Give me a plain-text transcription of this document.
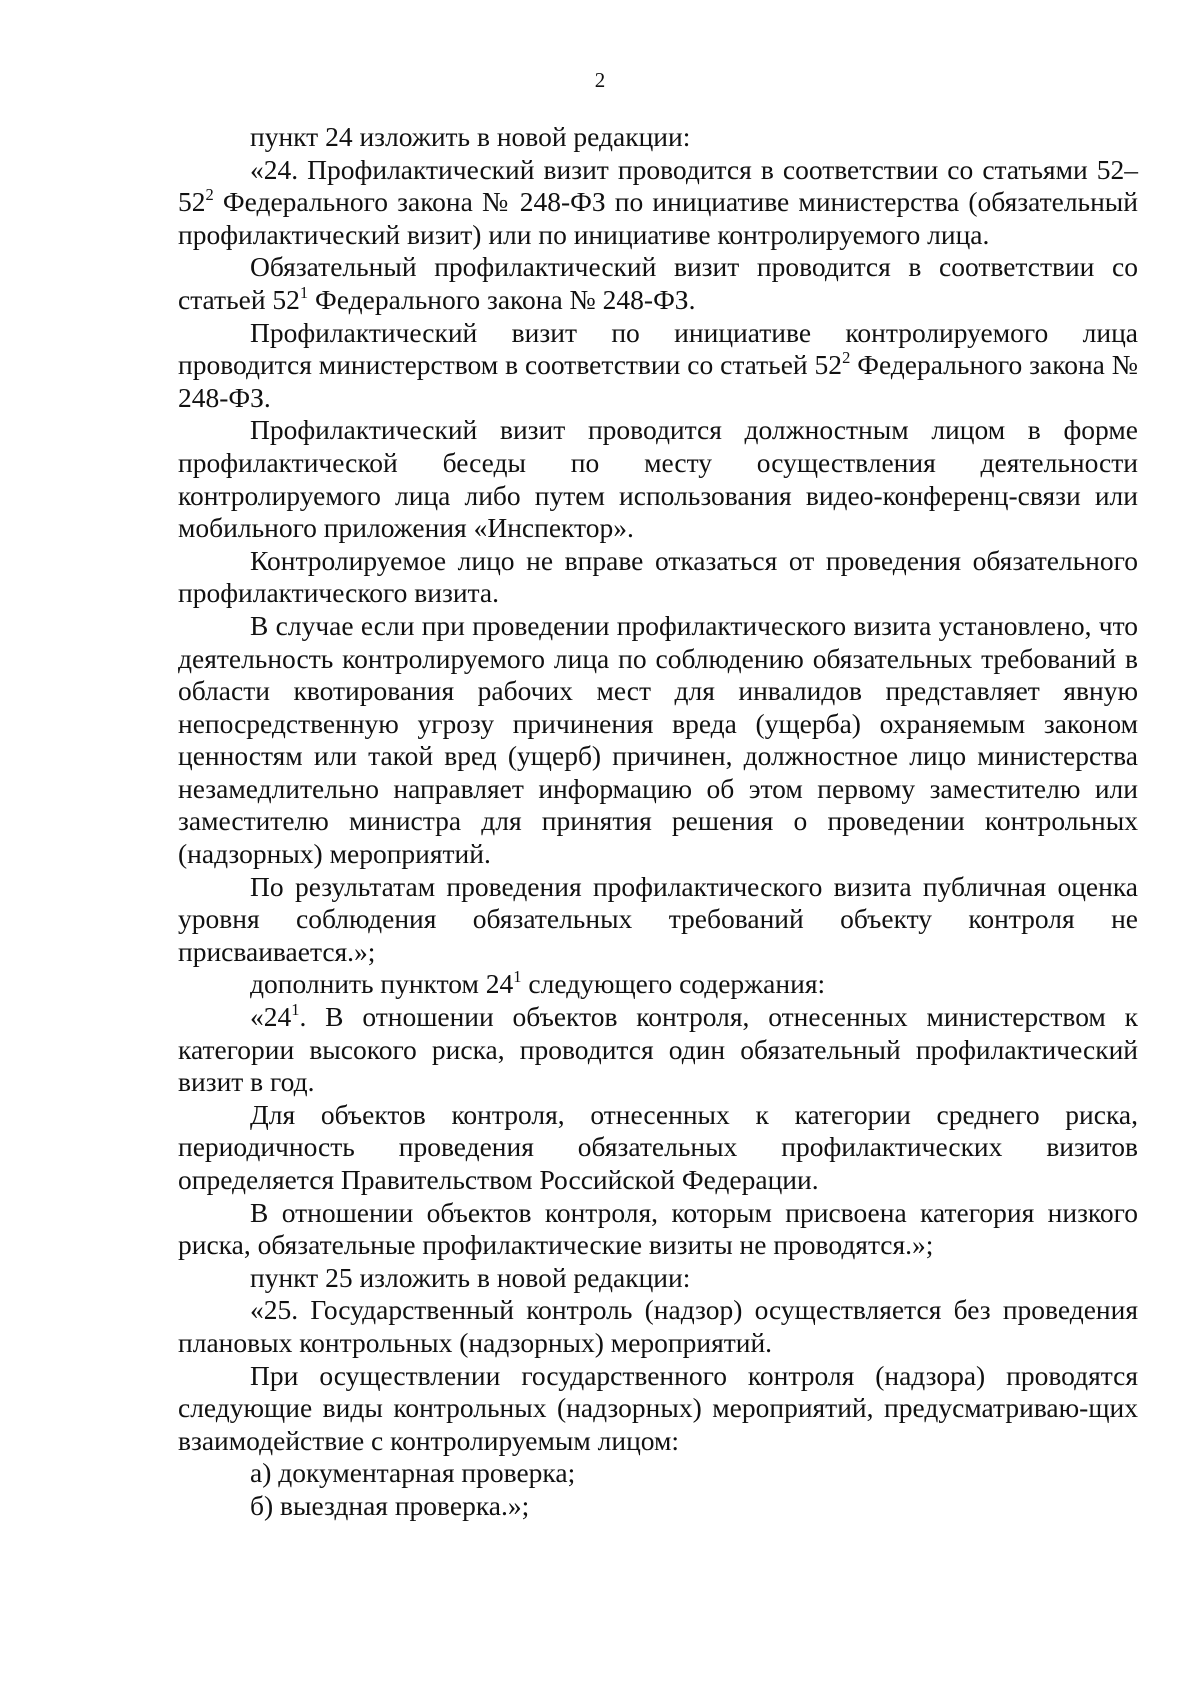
2

пункт 24 изложить в новой редакции:

«24. Профилактический визит проводится в соответствии со статьями $52-52^2$ Федерального закона № 248-ФЗ по инициативе министерства (обязательный профилактический визит) или по инициативе контролируемого лица.

Обязательный профилактический визит проводится в соответствии со статьей $52^1$ Федерального закона № 248-ФЗ.

Профилактический визит по инициативе контролируемого лица проводится министерством в соответствии со статьей $52^2$ Федерального закона № 248-ФЗ.

Профилактический визит проводится должностным лицом в форме профилактической беседы по месту осуществления деятельности контролируемого лица либо путем использования видео-конференц-связи или мобильного приложения «Инспектор».

Контролируемое лицо не вправе отказаться от проведения обязательного профилактического визита.

В случае если при проведении профилактического визита установлено, что деятельность контролируемого лица по соблюдению обязательных требований в области квотирования рабочих мест для инвалидов представляет явную непосредственную угрозу причинения вреда (ущерба) охраняемым законом ценностям или такой вред (ущерб) причинен, должностное лицо министерства незамедлительно направляет информацию об этом первому заместителю или заместителю министра для принятия решения о проведении контрольных (надзорных) мероприятий.

По результатам проведения профилактического визита публичная оценка уровня соблюдения обязательных требований объекту контроля не присваивается.»;

дополнить пунктом $24^1$ следующего содержания:

«$24^1$. В отношении объектов контроля, отнесенных министерством к категории высокого риска, проводится один обязательный профилактический визит в год.

Для объектов контроля, отнесенных к категории среднего риска, периодичность проведения обязательных профилактических визитов определяется Правительством Российской Федерации.

В отношении объектов контроля, которым присвоена категория низкого риска, обязательные профилактические визиты не проводятся.»;

пункт 25 изложить в новой редакции:

«25. Государственный контроль (надзор) осуществляется без проведения плановых контрольных (надзорных) мероприятий.

При осуществлении государственного контроля (надзора) проводятся следующие виды контрольных (надзорных) мероприятий, предусматриваю-щих взаимодействие с контролируемым лицом:

а) документарная проверка;

б) выездная проверка.»;
